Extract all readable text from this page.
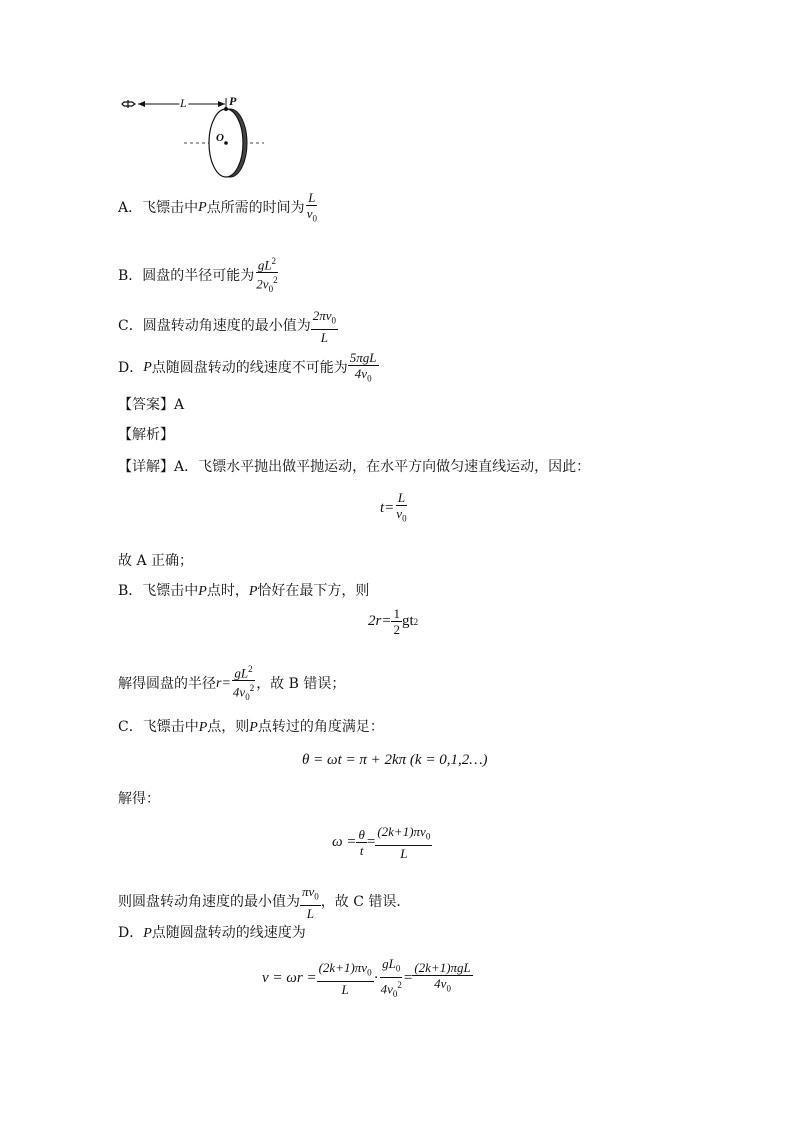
L	P
O
A．飞镖击中 P 点所需的时间为 $\frac{L}{v_0}$
B．圆盘的半径可能为 $\frac{gL^2}{2v_0^2}$
C．圆盘转动角速度的最小值为 $\frac{2\pi v_0}{L}$
D． P 点随圆盘转动的线速度不可能为 $\frac{\text{5πgL}}{4v_0}$
【答案】A
【解析】
【详解】A．飞镖水平抛出做平抛运动，在水平方向做匀速直线运动，因此：
$t= \frac{L}{v_0}$
故 A 正确；
B．飞镖击中P点时，P恰好在最下方，则
$2r= \frac{1}{2}$ gt 2
解得圆盘的半径 $r= \frac{gL^2}{4v_0^2}$ ，故 B 错误；
C．飞镖击中P点，则P点转过的角度满足：
θ = ωt = π + 2kπ (k = 0,1,2…)
解得：
$\omega = \frac{\theta}{t} = \frac{(2k+1)\pi v_0}{L}$
则圆盘转动角速度的最小值为 $\frac{\pi v_0}{L}$ ，故 C 错误．
D．P点随圆盘转动的线速度为
$v = \omega r = \frac{(2k+1)\pi v_0}{L} \cdot \frac{gL_0}{4v_0^2} = \frac{\text{(2k+1)πgL}}{4v_0}$
